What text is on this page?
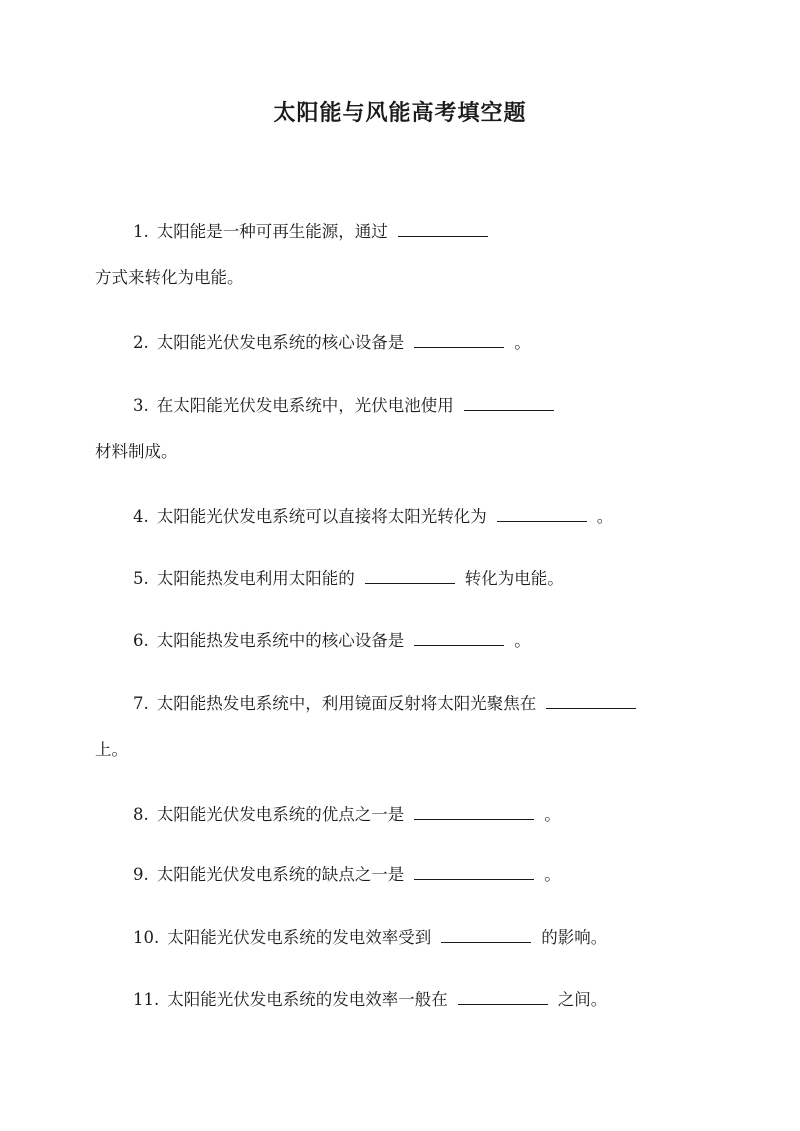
太阳能与风能高考填空题
1. 太阳能是一种可再生能源，通过
方式来转化为电能。
2. 太阳能光伏发电系统的核心设备是	。
3. 在太阳能光伏发电系统中，光伏电池使用
材料制成。
4. 太阳能光伏发电系统可以直接将太阳光转化为	。
5. 太阳能热发电利用太阳能的	转化为电能。
6. 太阳能热发电系统中的核心设备是	。
7. 太阳能热发电系统中，利用镜面反射将太阳光聚焦在
上。
8. 太阳能光伏发电系统的优点之一是	。
9. 太阳能光伏发电系统的缺点之一是	。
10. 太阳能光伏发电系统的发电效率受到	的影响。
11. 太阳能光伏发电系统的发电效率一般在	之间。
